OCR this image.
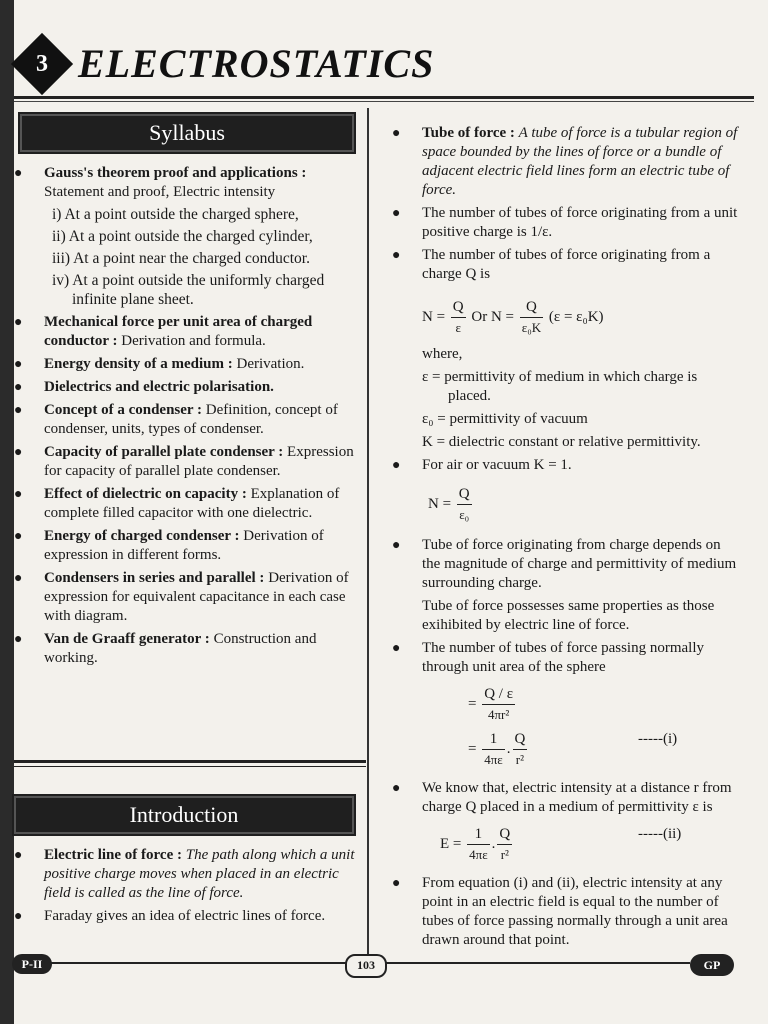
3 ELECTROSTATICS
Syllabus
● Gauss's theorem proof and applications : Statement and proof, Electric intensity
i) At a point outside the charged sphere,
ii) At a point outside the charged cylinder,
iii) At a point near the charged conductor.
iv) At a point outside the uniformly charged infinite plane sheet.
● Mechanical force per unit area of charged conductor : Derivation and formula.
● Energy density of a medium : Derivation.
● Dielectrics and electric polarisation.
● Concept of a condenser : Definition, concept of condenser, units, types of condenser.
● Capacity of parallel plate condenser : Expression for capacity of parallel plate condenser.
● Effect of dielectric on capacity : Explanation of complete filled capacitor with one dielectric.
● Energy of charged condenser : Derivation of expression in different forms.
● Condensers in series and parallel : Derivation of expression for equivalent capacitance in each case with diagram.
● Van de Graaff generator : Construction and working.
Introduction
● Electric line of force : The path along which a unit positive charge moves when placed in an electric field is called as the line of force.
● Faraday gives an idea of electric lines of force.
● Tube of force : A tube of force is a tubular region of space bounded by the lines of force or a bundle of adjacent electric field lines form an electric tube of force.
● The number of tubes of force originating from a unit positive charge is 1/ε.
● The number of tubes of force originating from a charge Q is
$N = \frac{Q}{\varepsilon}$ Or $N = \frac{Q}{\text{ε₀K}} (\varepsilon = \varepsilon_0K)$
where,
ε = permittivity of medium in which charge is placed.
ε₀ = permittivity of vacuum
K = dielectric constant or relative permittivity.
● For air or vacuum K = 1.
$N = \frac{Q}{\text{ε₀}}$
● Tube of force originating from charge depends on the magnitude of charge and permittivity of medium surrounding charge.
Tube of force possesses same properties as those exihibited by electric line of force.
● The number of tubes of force passing normally through unit area of the sphere
= $\frac{Q / \varepsilon}{\text{4πr²}}$
= $\frac{1}{4\pi\varepsilon}$ . $\frac{Q}{\text{r²}}$	-----(i)
● We know that, electric intensity at a distance r from charge Q placed in a medium of permittivity ε is
$E = \frac{1}{4\pi\varepsilon}$ . $\frac{Q}{\text{r²}}$	-----(ii)
● From equation (i) and (ii), electric intensity at any point in an electric field is equal to the number of tubes of force passing normally through a unit area drawn around that point.
P-II	103	GP
